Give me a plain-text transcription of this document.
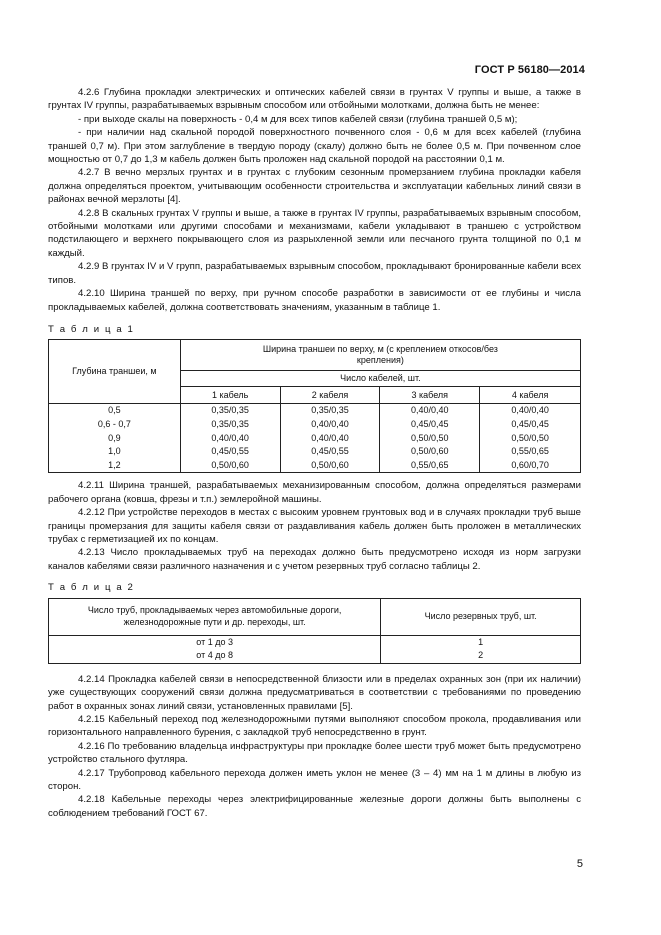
ГОСТ Р 56180—2014

4.2.6 Глубина прокладки электрических и оптических кабелей связи в грунтах V группы и выше, а также в грунтах IV группы, разрабатываемых взрывным способом или отбойными молотками, должна быть не менее:

- при выходе скалы на поверхность - 0,4 м для всех типов кабелей связи (глубина траншей 0,5 м);

- при наличии над скальной породой поверхностного почвенного слоя - 0,6 м для всех кабелей (глубина траншей 0,7 м). При этом заглубление в твердую породу (скалу) должно быть не более 0,5 м. При почвенном слое мощностью от 0,7 до 1,3 м кабель должен быть проложен над скальной породой на расстоянии 0,1 м.

4.2.7 В вечно мерзлых грунтах и в грунтах с глубоким сезонным промерзанием глубина прокладки кабеля должна определяться проектом, учитывающим особенности строительства и эксплуатации кабельных линий связи в районах вечной мерзлоты [4].

4.2.8 В скальных грунтах V группы и выше, а также в грунтах IV группы, разрабатываемых взрывным способом, отбойными молотками или другими способами и механизмами, кабели укладывают в траншею с устройством подстилающего и верхнего покрывающего слоя из разрыхленной земли или песчаного грунта толщиной по 0,1 м каждый.

4.2.9 В грунтах IV и V групп, разрабатываемых взрывным способом, прокладывают бронированные кабели всех типов.

4.2.10 Ширина траншей по верху, при ручном способе разработки в зависимости от ее глубины и числа прокладываемых кабелей, должна соответствовать значениям, указанным в таблице 1.

Т а б л и ц а 1
Глубина траншеи, м	Ширина траншеи по верху, м (с креплением откосов/без крепления)			
	Число кабелей, шт.			
	1 кабель	2 кабеля	3 кабеля	4 кабеля
0,5	0,35/0,35	0,35/0,35	0,40/0,40	0,40/0,40
0,6 - 0,7	0,35/0,35	0,40/0,40	0,45/0,45	0,45/0,45
0,9	0,40/0,40	0,40/0,40	0,50/0,50	0,50/0,50
1,0	0,45/0,55	0,45/0,55	0,50/0,60	0,55/0,65
1,2	0,50/0,60	0,50/0,60	0,55/0,65	0,60/0,70

4.2.11 Ширина траншей, разрабатываемых механизированным способом, должна определяться размерами рабочего органа (ковша, фрезы и т.п.) землеройной машины.

4.2.12 При устройстве переходов в местах с высоким уровнем грунтовых вод и в случаях прокладки труб выше границы промерзания для защиты кабеля связи от раздавливания кабель должен быть проложен в металлических трубах с герметизацией их по концам.

4.2.13 Число прокладываемых труб на переходах должно быть предусмотрено исходя из норм загрузки каналов кабелями связи различного назначения и с учетом резервных труб согласно таблицы 2.

Т а б л и ц а 2
Число труб, прокладываемых через автомобильные дороги, железнодорожные пути и др. переходы, шт.	Число резервных труб, шт.
от 1 до 3	1
от 4 до 8	2

4.2.14 Прокладка кабелей связи в непосредственной близости или в пределах охранных зон (при их наличии) уже существующих сооружений связи должна предусматриваться в соответствии с требованиями по проведению работ в охранных зонах линий связи, установленных правилами [5].

4.2.15 Кабельный переход под железнодорожными путями выполняют способом прокола, продавливания или горизонтального направленного бурения, с закладкой труб непосредственно в грунт.

4.2.16 По требованию владельца инфраструктуры при прокладке более шести труб может быть предусмотрено устройство стального футляра.

4.2.17 Трубопровод кабельного перехода должен иметь уклон не менее (3 – 4) мм на 1 м длины в любую из сторон.

4.2.18 Кабельные переходы через электрифицированные железные дороги должны быть выполнены с соблюдением требований ГОСТ 67.

5
